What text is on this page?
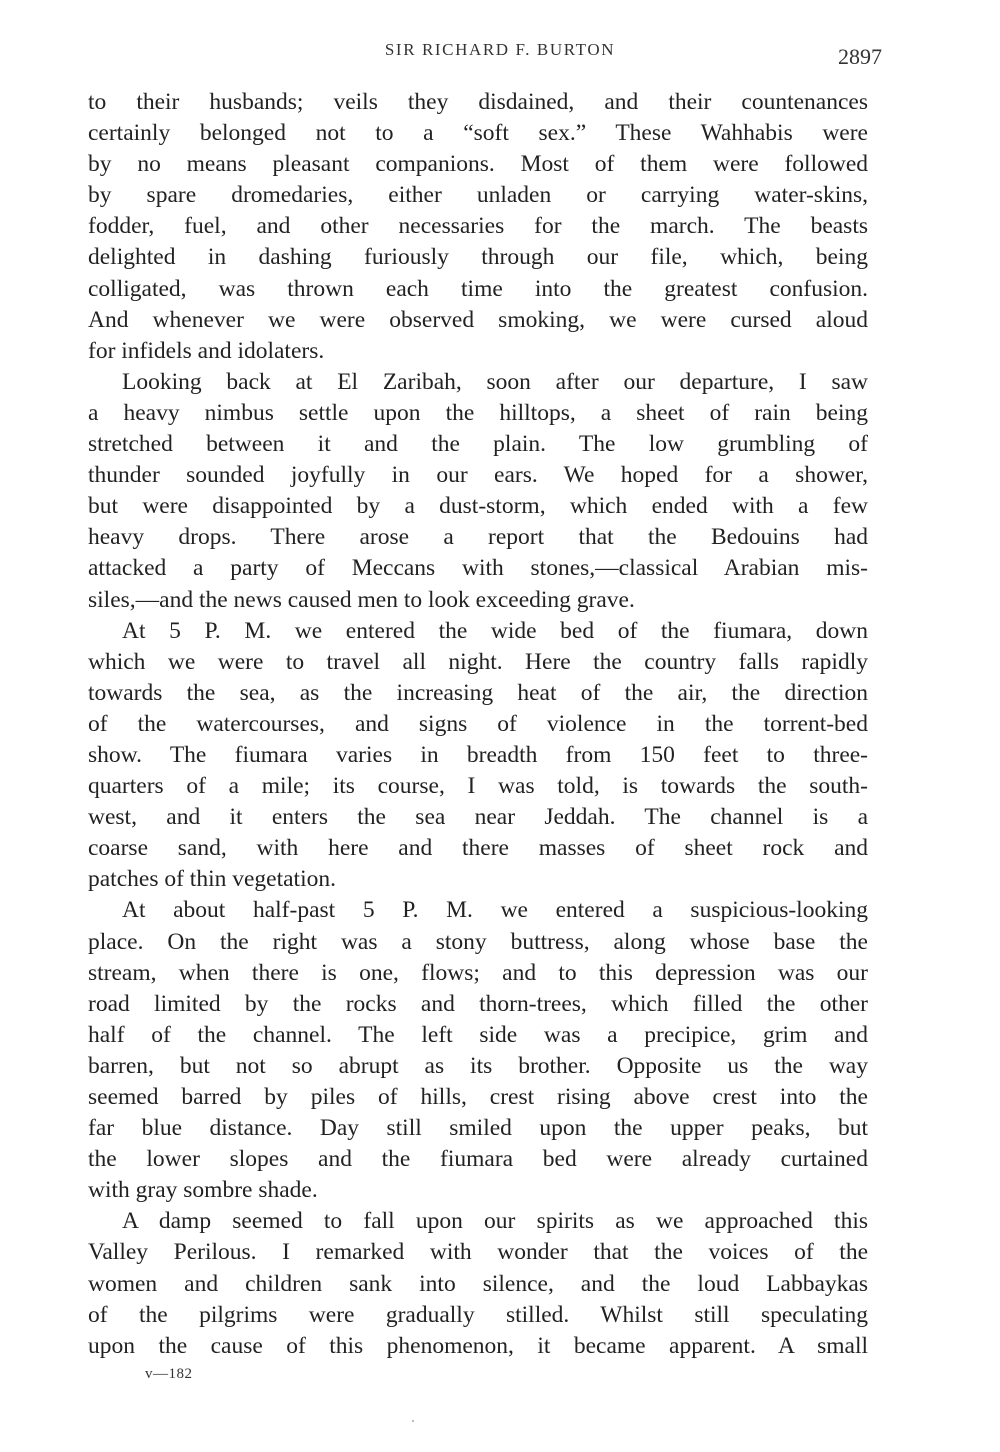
SIR RICHARD F. BURTON	2897
to their husbands; veils they disdained, and their countenances
certainly belonged not to a “soft sex.” These Wahhabis were
by no means pleasant companions. Most of them were followed
by spare dromedaries, either unladen or carrying water-skins,
fodder, fuel, and other necessaries for the march. The beasts
delighted in dashing furiously through our file, which, being
colligated, was thrown each time into the greatest confusion.
And whenever we were observed smoking, we were cursed aloud
for infidels and idolaters.
Looking back at El Zaribah, soon after our departure, I saw
a heavy nimbus settle upon the hilltops, a sheet of rain being
stretched between it and the plain. The low grumbling of
thunder sounded joyfully in our ears. We hoped for a shower,
but were disappointed by a dust-storm, which ended with a few
heavy drops. There arose a report that the Bedouins had
attacked a party of Meccans with stones,—classical Arabian mis-
siles,—and the news caused men to look exceeding grave.
At 5 P. M. we entered the wide bed of the fiumara, down
which we were to travel all night. Here the country falls rapidly
towards the sea, as the increasing heat of the air, the direction
of the watercourses, and signs of violence in the torrent-bed
show. The fiumara varies in breadth from 150 feet to three-
quarters of a mile; its course, I was told, is towards the south-
west, and it enters the sea near Jeddah. The channel is a
coarse sand, with here and there masses of sheet rock and
patches of thin vegetation.
At about half-past 5 P. M. we entered a suspicious-looking
place. On the right was a stony buttress, along whose base the
stream, when there is one, flows; and to this depression was our
road limited by the rocks and thorn-trees, which filled the other
half of the channel. The left side was a precipice, grim and
barren, but not so abrupt as its brother. Opposite us the way
seemed barred by piles of hills, crest rising above crest into the
far blue distance. Day still smiled upon the upper peaks, but
the lower slopes and the fiumara bed were already curtained
with gray sombre shade.
A damp seemed to fall upon our spirits as we approached this
Valley Perilous. I remarked with wonder that the voices of the
women and children sank into silence, and the loud Labbaykas
of the pilgrims were gradually stilled. Whilst still speculating
upon the cause of this phenomenon, it became apparent. A small
v—182
